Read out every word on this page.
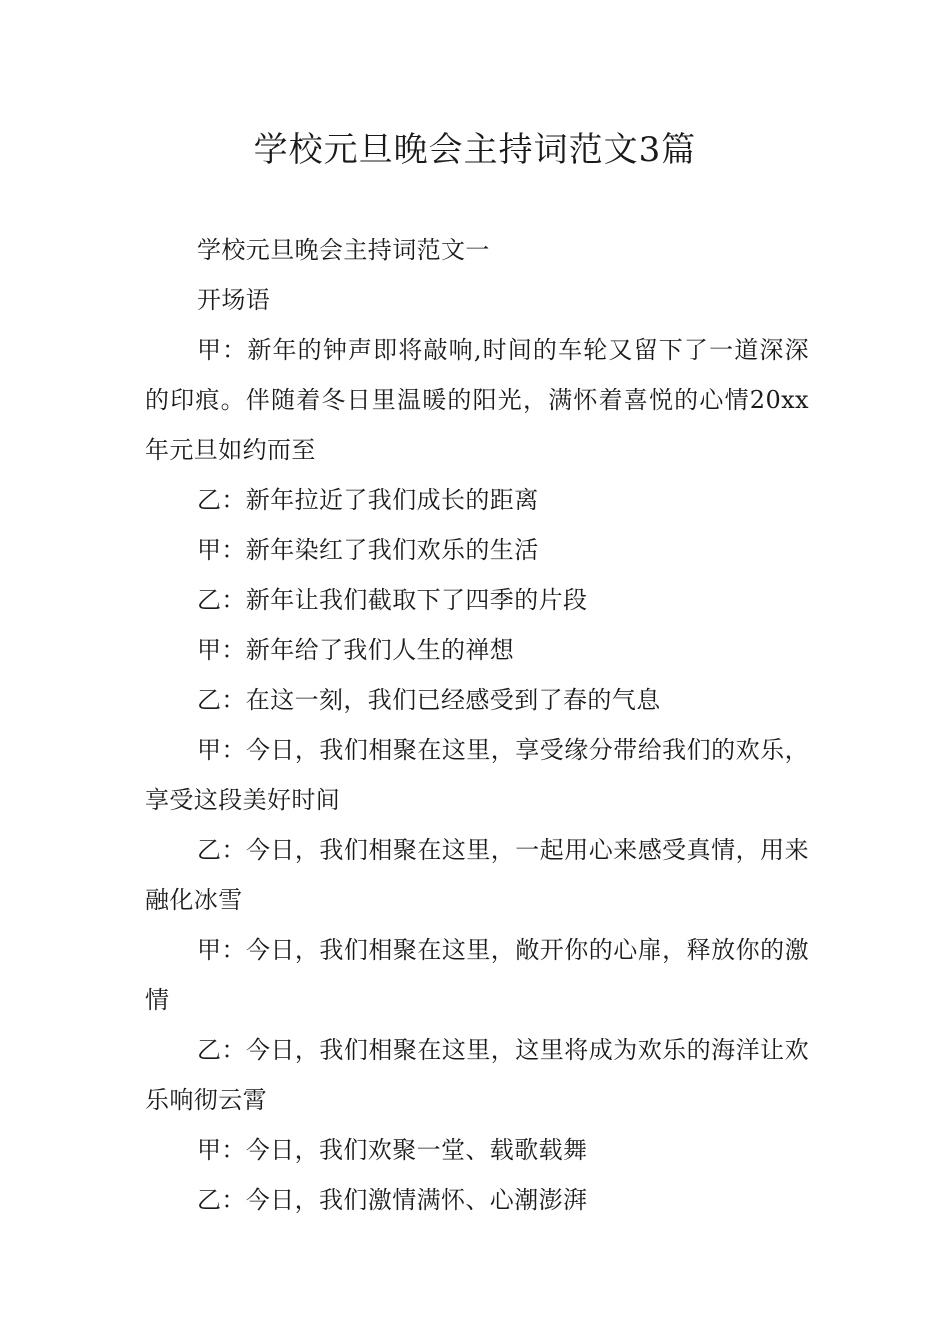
学校元旦晚会主持词范文3篇

学校元旦晚会主持词范文一

开场语

甲：新年的钟声即将敲响,时间的车轮又留下了一道深深的印痕。伴随着冬日里温暖的阳光，满怀着喜悦的心情20xx年元旦如约而至

乙：新年拉近了我们成长的距离

甲：新年染红了我们欢乐的生活

乙：新年让我们截取下了四季的片段

甲：新年给了我们人生的禅想

乙：在这一刻，我们已经感受到了春的气息

甲：今日，我们相聚在这里，享受缘分带给我们的欢乐，享受这段美好时间

乙：今日，我们相聚在这里，一起用心来感受真情，用来融化冰雪

甲：今日，我们相聚在这里，敞开你的心扉，释放你的激情

乙：今日，我们相聚在这里，这里将成为欢乐的海洋让欢乐响彻云霄

甲：今日，我们欢聚一堂、载歌载舞

乙：今日，我们激情满怀、心潮澎湃
